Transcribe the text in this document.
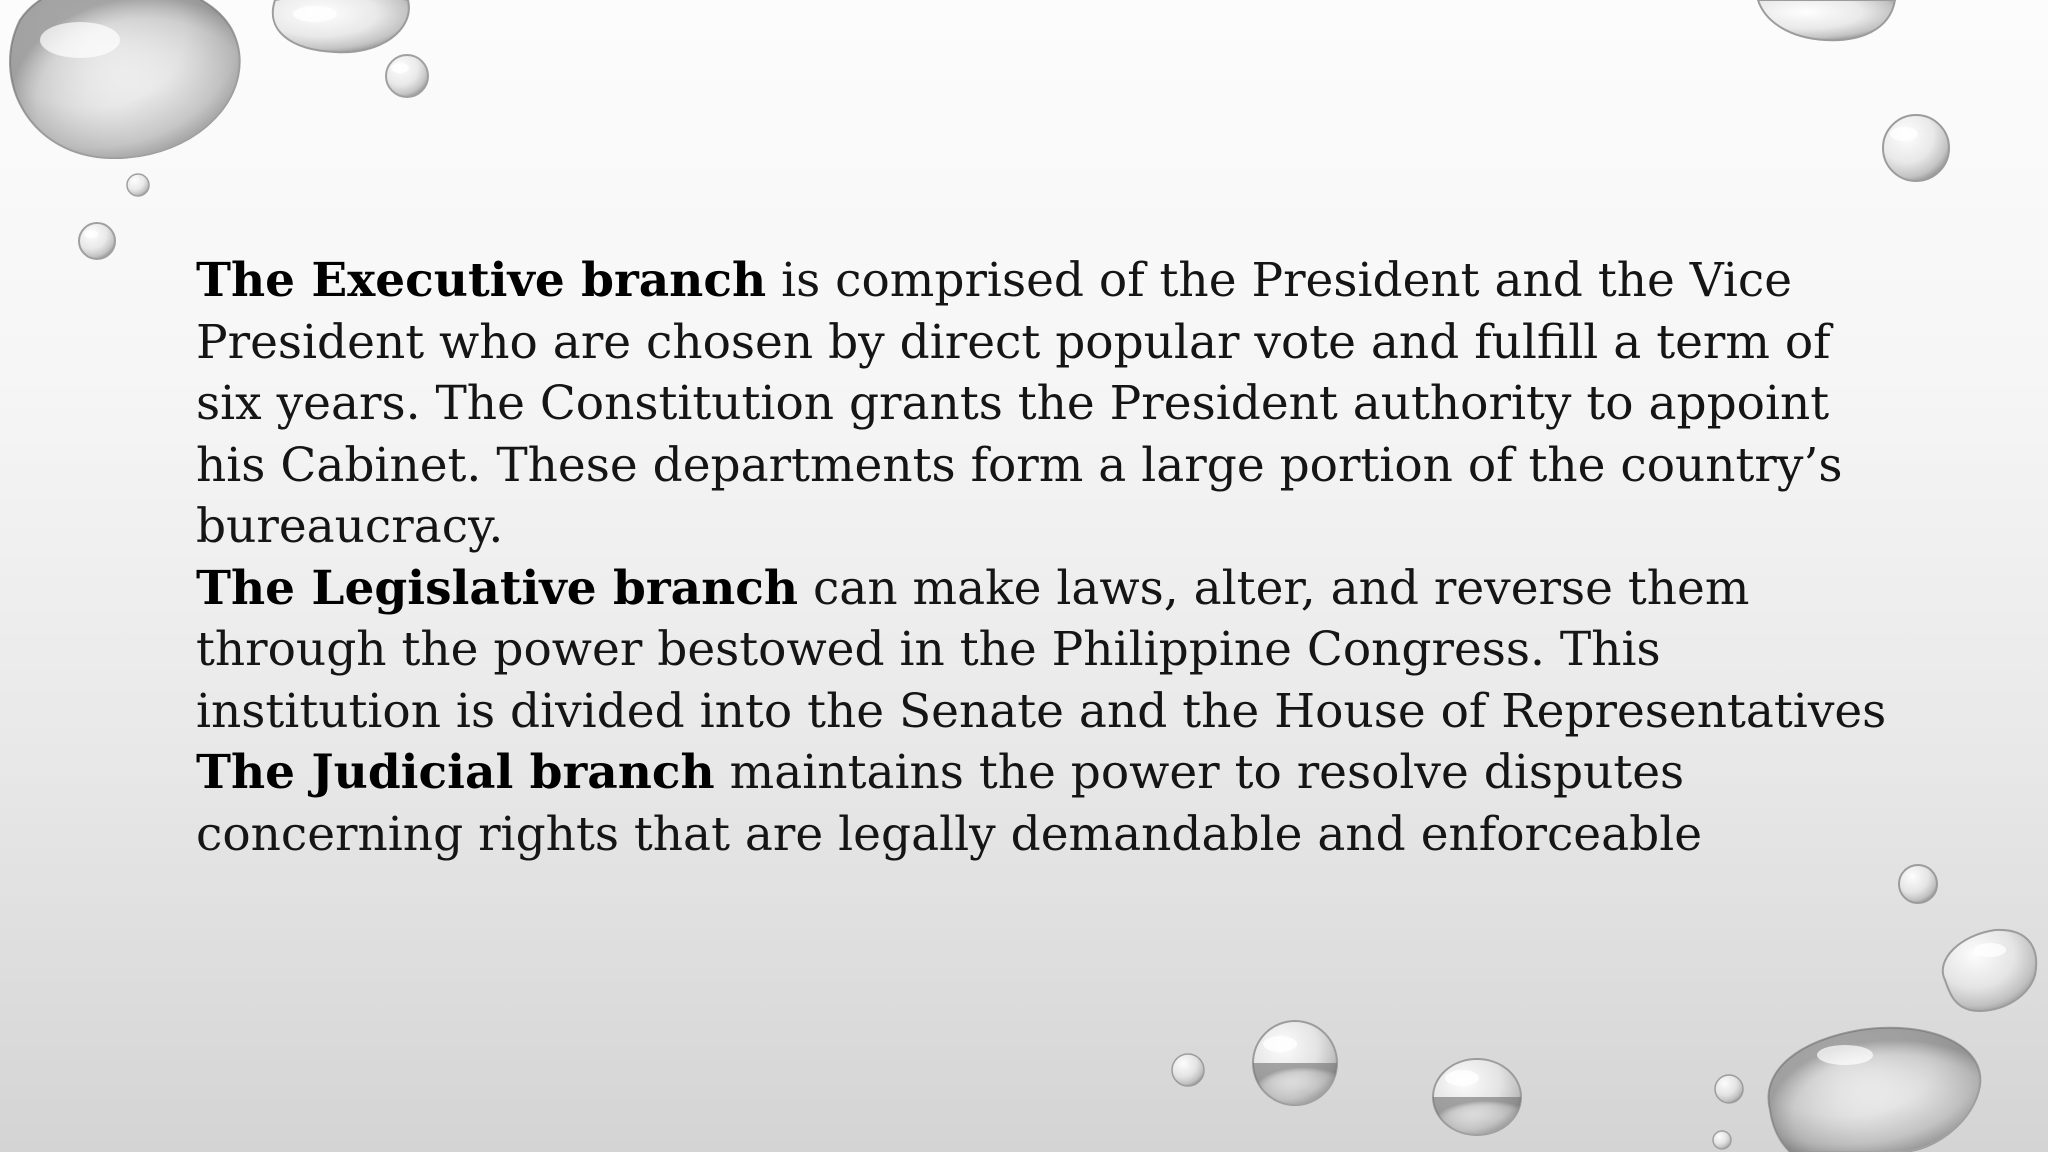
The Executive branch is comprised of the President and the Vice President who are chosen by direct popular vote and fulfill a term of six years. The Constitution grants the President authority to appoint his Cabinet. These departments form a large portion of the country’s bureaucracy.

The Legislative branch can make laws, alter, and reverse them through the power bestowed in the Philippine Congress. This institution is divided into the Senate and the House of Representatives

The Judicial branch maintains the power to resolve disputes concerning rights that are legally demandable and enforceable
